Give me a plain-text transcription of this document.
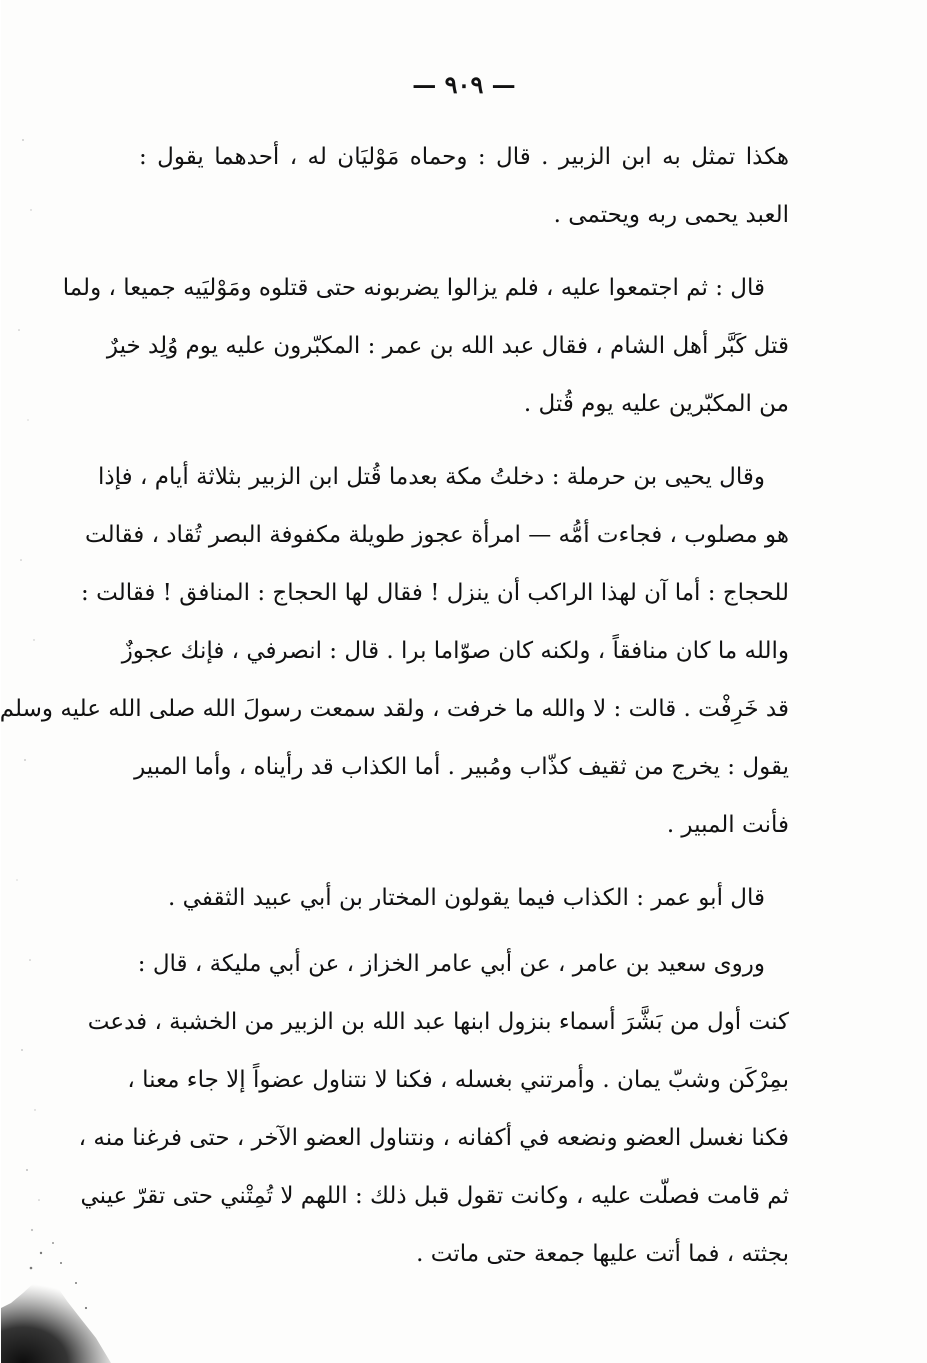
— ٩٠٩ —
هكذا تمثل به ابن الزبير . قال : وحماه مَوْليَان له ، أحدهما يقول :
العبد يحمى ربه ويحتمى .
قال : ثم اجتمعوا عليه ، فلم يزالوا يضربونه حتى قتلوه ومَوْليَيه جميعا ، ولما
قتل كَبَّر أهل الشام ، فقال عبد الله بن عمر : المكبّرون عليه يوم وُلِد خيرٌ
من المكبّرين عليه يوم قُتل .
وقال يحيى بن حرملة : دخلتُ مكة بعدما قُتل ابن الزبير بثلاثة أيام ، فإذا
هو مصلوب ، فجاءت أمُّه — امرأة عجوز طويلة مكفوفة البصر تُقاد ، فقالت
للحجاج : أما آن لهذا الراكب أن ينزل ! فقال لها الحجاج : المنافق ! فقالت :
والله ما كان منافقاً ، ولكنه كان صوّاما برا . قال : انصرفي ، فإنك عجوزٌ
قد خَرِفْت . قالت : لا والله ما خرفت ، ولقد سمعت رسولَ الله صلى الله عليه وسلم
يقول : يخرج من ثقيف كذّاب ومُبير . أما الكذاب قد رأيناه ، وأما المبير
فأنت المبير .
قال أبو عمر : الكذاب فيما يقولون المختار بن أبي عبيد الثقفي .
وروى سعيد بن عامر ، عن أبي عامر الخزاز ، عن أبي مليكة ، قال :
كنت أول من بَشَّرَ أسماء بنزول ابنها عبد الله بن الزبير من الخشبة ، فدعت
بمِرْكَن وشبّ يمان . وأمرتني بغسله ، فكنا لا نتناول عضواً إلا جاء معنا ،
فكنا نغسل العضو ونضعه في أكفانه ، ونتناول العضو الآخر ، حتى فرغنا منه ،
ثم قامت فصلّت عليه ، وكانت تقول قبل ذلك : اللهم لا تُمِتْني حتى تقرّ عيني
بجثته ، فما أتت عليها جمعة حتى ماتت .
